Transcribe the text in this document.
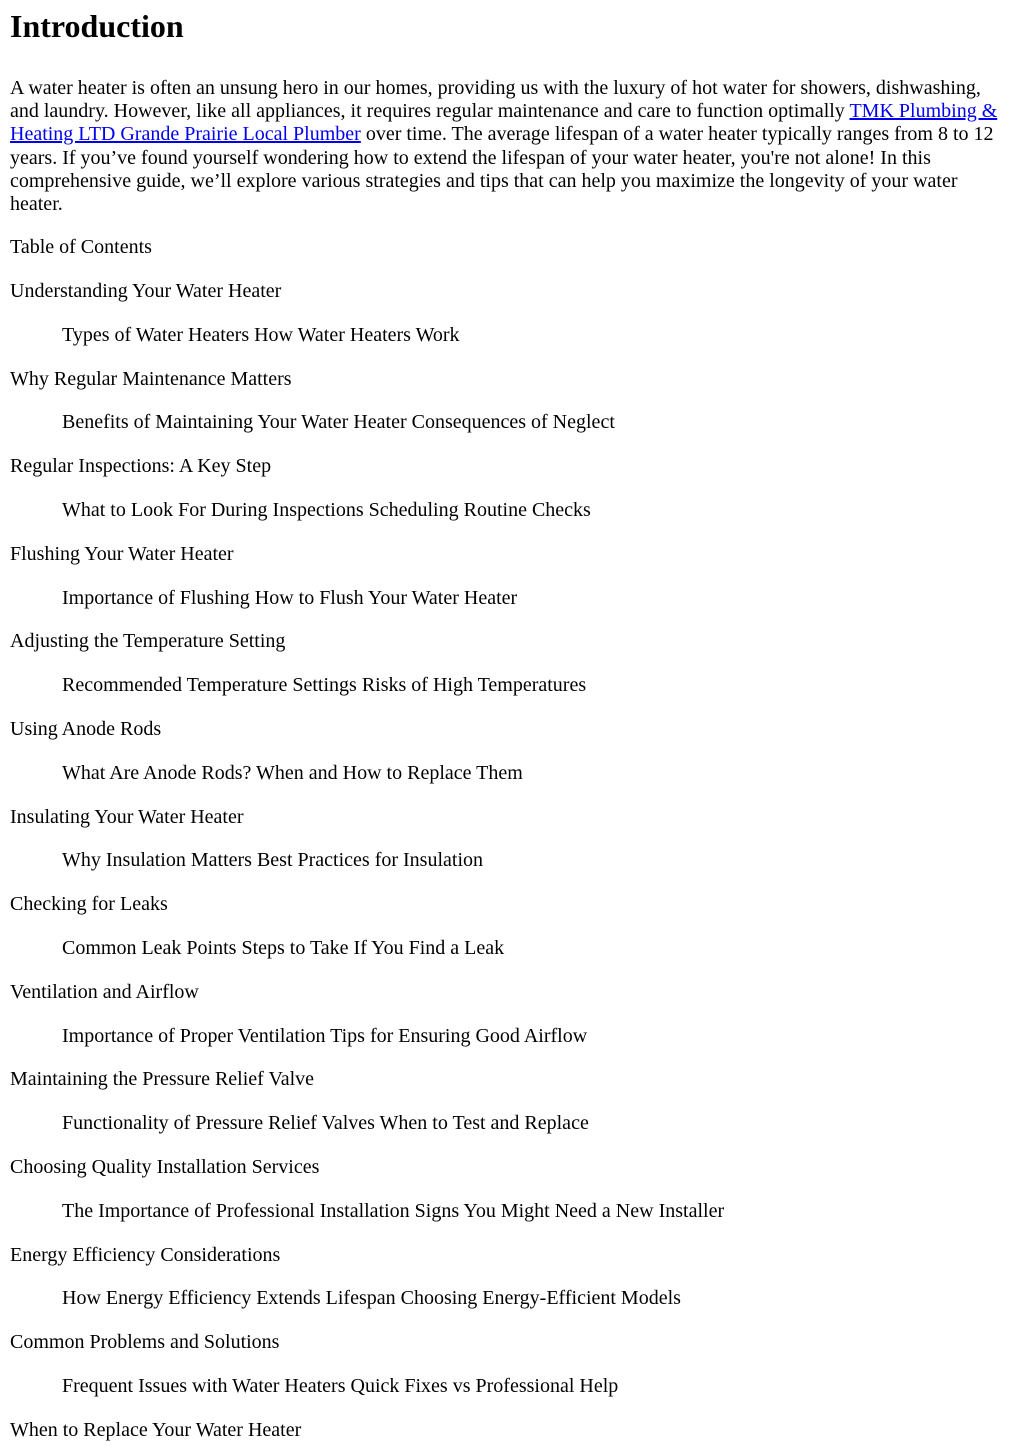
Introduction

A water heater is often an unsung hero in our homes, providing us with the luxury of hot water for showers, dishwashing, and laundry. However, like all appliances, it requires regular maintenance and care to function optimally TMK Plumbing & Heating LTD Grande Prairie Local Plumber over time. The average lifespan of a water heater typically ranges from 8 to 12 years. If you’ve found yourself wondering how to extend the lifespan of your water heater, you're not alone! In this comprehensive guide, we’ll explore various strategies and tips that can help you maximize the longevity of your water heater.

Table of Contents
Understanding Your Water Heater
Types of Water Heaters How Water Heaters Work
Why Regular Maintenance Matters
Benefits of Maintaining Your Water Heater Consequences of Neglect
Regular Inspections: A Key Step
What to Look For During Inspections Scheduling Routine Checks
Flushing Your Water Heater
Importance of Flushing How to Flush Your Water Heater
Adjusting the Temperature Setting
Recommended Temperature Settings Risks of High Temperatures
Using Anode Rods
What Are Anode Rods? When and How to Replace Them
Insulating Your Water Heater
Why Insulation Matters Best Practices for Insulation
Checking for Leaks
Common Leak Points Steps to Take If You Find a Leak
Ventilation and Airflow
Importance of Proper Ventilation Tips for Ensuring Good Airflow
Maintaining the Pressure Relief Valve
Functionality of Pressure Relief Valves When to Test and Replace
Choosing Quality Installation Services
The Importance of Professional Installation Signs You Might Need a New Installer
Energy Efficiency Considerations
How Energy Efficiency Extends Lifespan Choosing Energy-Efficient Models
Common Problems and Solutions
Frequent Issues with Water Heaters Quick Fixes vs Professional Help
When to Replace Your Water Heater
